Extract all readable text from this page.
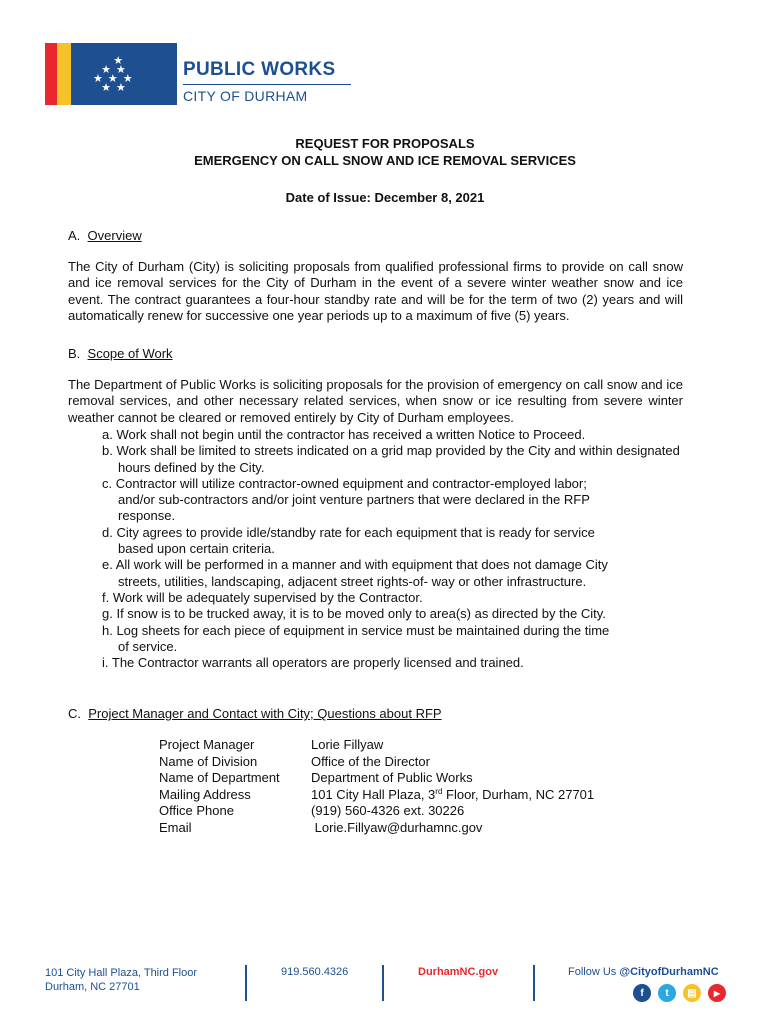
★
★ ★
★ ★ ★
★ ★
PUBLIC WORKS
CITY OF DURHAM
REQUEST FOR PROPOSALS
EMERGENCY ON CALL SNOW AND ICE REMOVAL SERVICES
Date of Issue: December 8, 2021
A. Overview

The City of Durham (City) is soliciting proposals from qualified professional firms to provide on call snow and ice removal services for the City of Durham in the event of a severe winter weather snow and ice event. The contract guarantees a four-hour standby rate and will be for the term of two (2) years and will automatically renew for successive one year periods up to a maximum of five (5) years.

B. Scope of Work

The Department of Public Works is soliciting proposals for the provision of emergency on call snow and ice removal services, and other necessary related services, when snow or ice resulting from severe winter weather cannot be cleared or removed entirely by City of Durham employees.

a. Work shall not begin until the contractor has received a written Notice to Proceed.
b. Work shall be limited to streets indicated on a grid map provided by the City and within designated hours defined by the City.
c. Contractor will utilize contractor-owned equipment and contractor-employed labor; and/or sub-contractors and/or joint venture partners that were declared in the RFP response.
d. City agrees to provide idle/standby rate for each equipment that is ready for service based upon certain criteria.
e. All work will be performed in a manner and with equipment that does not damage City streets, utilities, landscaping, adjacent street rights-of- way or other infrastructure.
f. Work will be adequately supervised by the Contractor.
g. If snow is to be trucked away, it is to be moved only to area(s) as directed by the City.
h. Log sheets for each piece of equipment in service must be maintained during the time of service.
i. The Contractor warrants all operators are properly licensed and trained.
C. Project Manager and Contact with City; Questions about RFP
Project Manager	Lorie Fillyaw
Name of Division	Office of the Director
Name of Department	Department of Public Works
Mailing Address	101 City Hall Plaza, 3rd Floor, Durham, NC 27701
Office Phone	(919) 560-4326 ext. 30226
Email	Lorie.Fillyaw@durhamnc.gov
101 City Hall Plaza, Third Floor
Durham, NC 27701
919.560.4326	DurhamNC.gov	Follow Us @CityofDurhamNC
f	t	▤	▶
